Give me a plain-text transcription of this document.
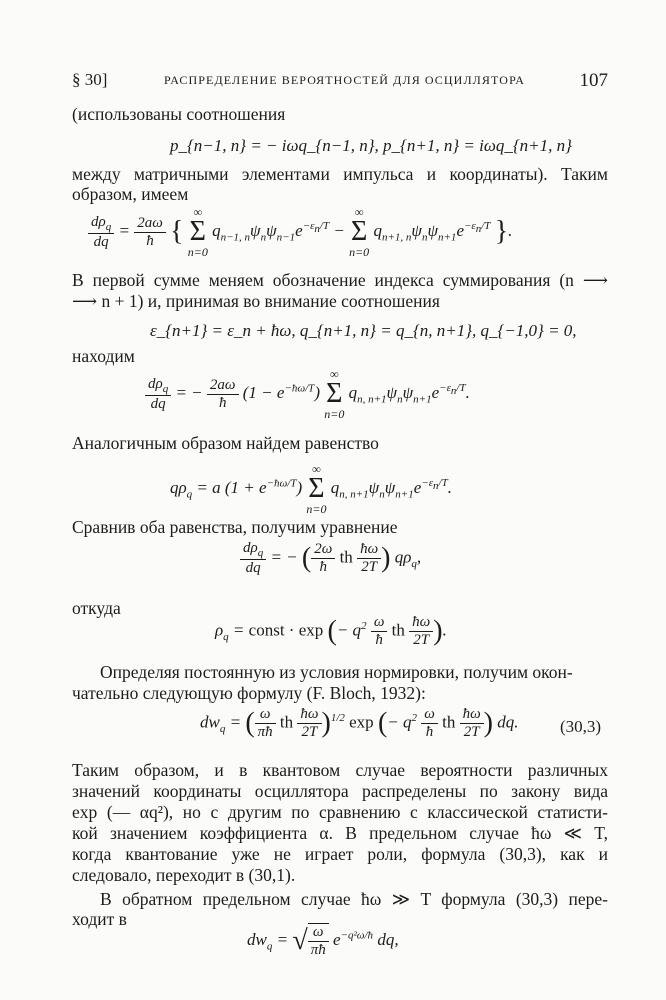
§ 30]	РАСПРЕДЕЛЕНИЕ ВЕРОЯТНОСТЕЙ ДЛЯ ОСЦИЛЛЯТОРА	107
(использованы соотношения
p_{n−1, n} = − iωq_{n−1, n}, p_{n+1, n} = iωq_{n+1, n}
между матричными элементами импульса и координаты). Таким
образом, имеем
$\frac{d\rho_q}{dq} = \frac{2a\omega}{ħ}$ { ∞
Σ
n=0 $q_{n-1, n}\psi_n\psi_{n-1}e^{-\varepsilon_n/T}$ − ∞
Σ
n=0 $q_{n+1, n}\psi_n\psi_{n+1}e^{-\varepsilon_n/T}$ }.
В первой сумме меняем обозначение индекса суммирования (n ⟶
⟶ n + 1) и, принимая во внимание соотношения
ε_{n+1} = ε_n + ħω, q_{n+1, n} = q_{n, n+1}, q_{−1,0} = 0,
находим
$\frac{d\rho_q}{dq}$ = − $\frac{2a\omega}{ħ} (1 - e^{-ħ\omega/T})$ ∞
Σ
n=0 $q_{n, n+1}\psi_n\psi_{n+1}e^{-\varepsilon_n/T}$.
Аналогичным образом найдем равенство
$q\rho_q = a$ $(1 + e^{-ħ\omega/T})$ ∞
Σ
n=0 $q_{n, n+1}\psi_n\psi_{n+1}e^{-\varepsilon_n/T}$.
Сравнив оба равенства, получим уравнение
$\frac{d\rho_q}{dq}$ = − ( $\frac{2\omega}{ħ}$ th $\frac{ħ\omega}{2T}$ ) $q\rho_q$,
откуда
$\rho_q$ = const · exp (− $q^2 \frac{\omega}{ħ}$ th $\frac{ħ\omega}{2T}$ ).
Определяя постоянную из условия нормировки, получим окон-
чательно следующую формулу (F. Bloch, 1932):
$dw_q$ = ( $\frac{\omega}{\pi ħ}$ th $\frac{ħ\omega}{2T} )^{1/2}$ exp (− $q^2 \frac{\omega}{ħ}$ th $\frac{ħ\omega}{2T}$ ) dq. (30,3)
Таким образом, и в квантовом случае вероятности различных
значений координаты осциллятора распределены по закону вида
exp (— αq²), но с другим по сравнению с классической статисти-
кой значением коэффициента α. В предельном случае ħω ≪ T,
когда квантование уже не играет роли, формула (30,3), как и
следовало, переходит в (30,1).
В обратном предельном случае ħω ≫ T формула (30,3) пере-
ходит в
$dw_q$ = √ $\frac{\omega}{\pi ħ} e^{-q^2\omega/ħ}$ dq,
